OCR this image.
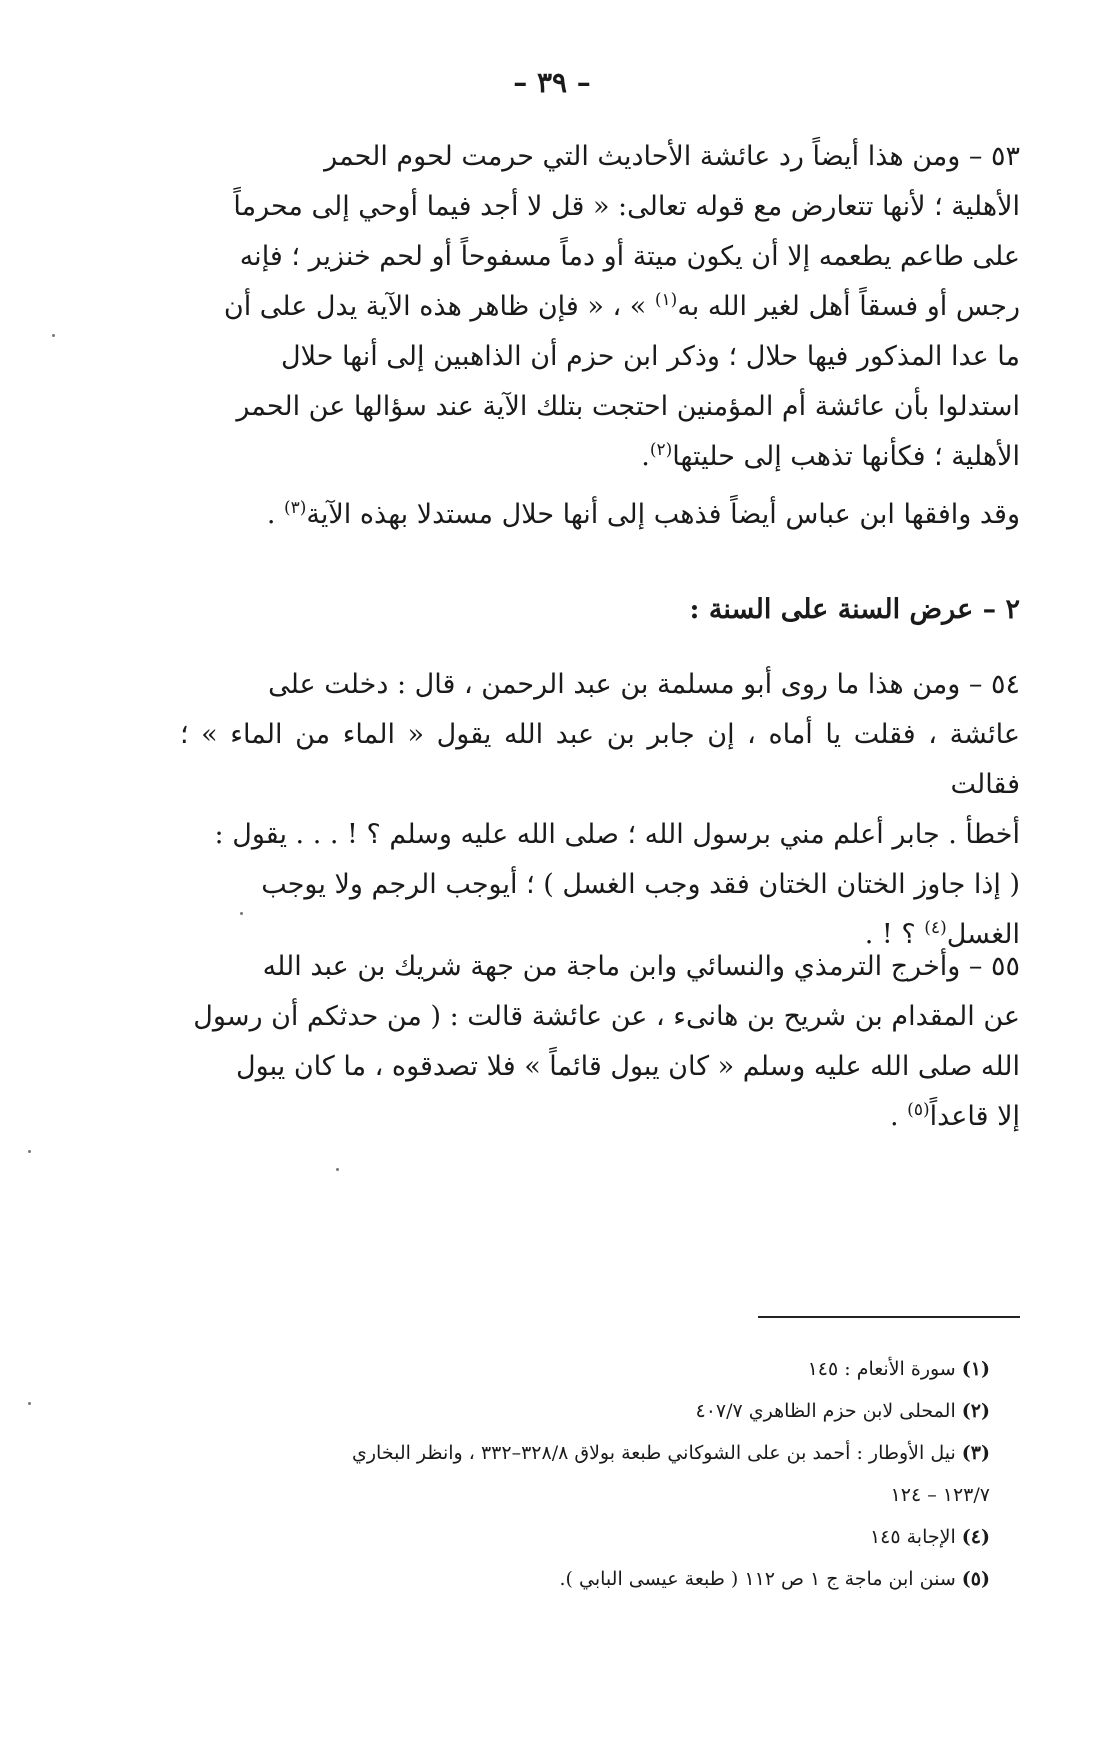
– ٣٩ –
٥٣ – ومن هذا أيضاً رد عائشة الأحاديث التي حرمت لحوم الحمر
الأهلية ؛ لأنها تتعارض مع قوله تعالى: « قل لا أجد فيما أوحي إلى محرماً
على طاعم يطعمه إلا أن يكون ميتة أو دماً مسفوحاً أو لحم خنزير ؛ فإنه
رجس أو فسقاً أهل لغير الله به$^{(١)}$ » ، « فإن ظاهر هذه الآية يدل على أن
ما عدا المذكور فيها حلال ؛ وذكر ابن حزم أن الذاهبين إلى أنها حلال
استدلوا بأن عائشة أم المؤمنين احتجت بتلك الآية عند سؤالها عن الحمر
الأهلية ؛ فكأنها تذهب إلى حليتها$^{(٢)}$.
وقد وافقها ابن عباس أيضاً فذهب إلى أنها حلال مستدلا بهذه الآية$^{(٣)}$ .
٢ – عرض السنة على السنة :
٥٤ – ومن هذا ما روى أبو مسلمة بن عبد الرحمن ، قال : دخلت على
عائشة ، فقلت يا أماه ، إن جابر بن عبد الله يقول « الماء من الماء » ؛ فقالت
أخطأ . جابر أعلم مني برسول الله ؛ صلى الله عليه وسلم ؟ ! . . . يقول :
( إذا جاوز الختان الختان فقد وجب الغسل ) ؛ أيوجب الرجم ولا يوجب
الغسل$^{(٤)}$ ؟ ! .
٥٥ – وأخرج الترمذي والنسائي وابن ماجة من جهة شريك بن عبد الله
عن المقدام بن شريح بن هانىء ، عن عائشة قالت : ( من حدثكم أن رسول
الله صلى الله عليه وسلم « كان يبول قائماً » فلا تصدقوه ، ما كان يبول
إلا قاعداً$^{(٥)}$ .
(١) سورة الأنعام : ١٤٥
(٢) المحلى لابن حزم الظاهري ٤٠٧/٧
(٣) نيل الأوطار : أحمد بن على الشوكاني طبعة بولاق ٣٢٨/٨–٣٣٢ ، وانظر البخاري
١٢٣/٧ – ١٢٤
(٤) الإجابة ١٤٥
(٥) سنن ابن ماجة ج ١ ص ١١٢ ( طبعة عيسى البابي ).
